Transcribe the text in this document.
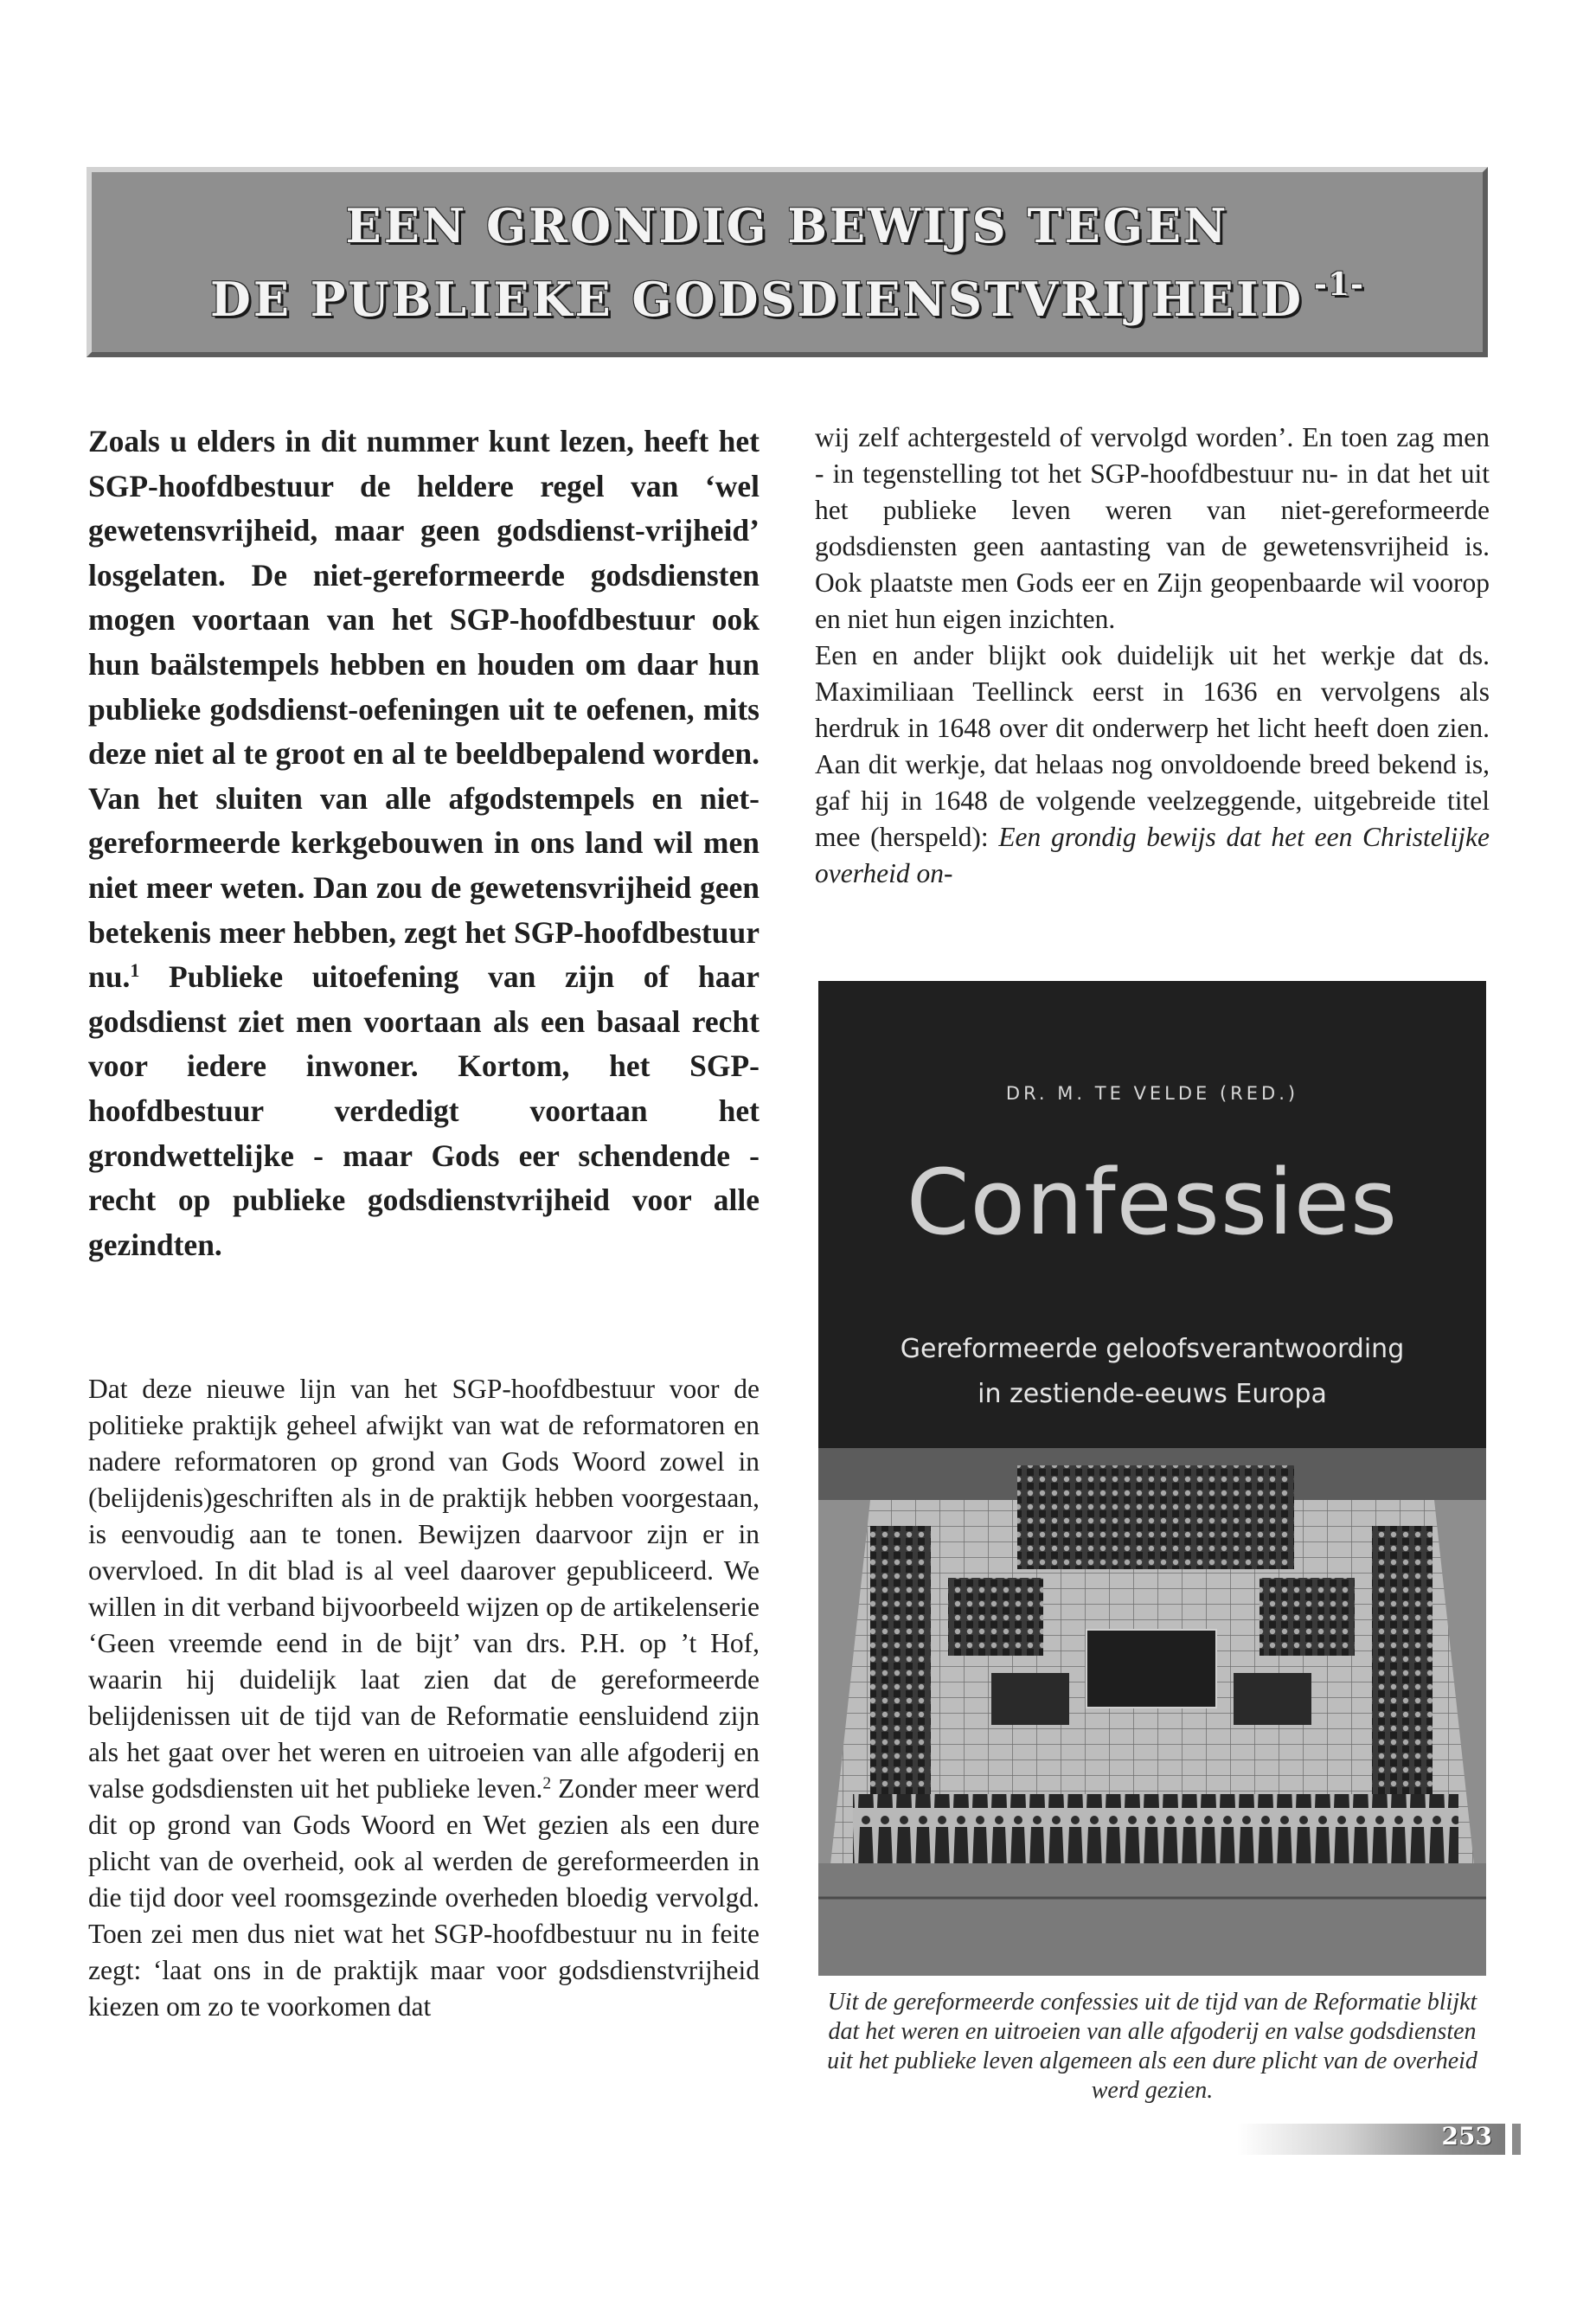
EEN GRONDIG BEWIJS TEGEN
DE PUBLIEKE GODSDIENSTVRIJHEID $^{-1-}$

Zoals u elders in dit nummer kunt lezen, heeft het SGP-hoofdbestuur de heldere regel van ‘wel gewetensvrijheid, maar geen godsdienst-vrijheid’ losgelaten. De niet-gereformeerde godsdiensten mogen voortaan van het SGP-hoofdbestuur ook hun baälstempels hebben en houden om daar hun publieke godsdienst-oefeningen uit te oefenen, mits deze niet al te groot en al te beeldbepalend worden. Van het sluiten van alle afgodstempels en niet-gereformeerde kerkgebouwen in ons land wil men niet meer weten. Dan zou de gewetensvrijheid geen betekenis meer hebben, zegt het SGP-hoofdbestuur nu.$^1$ Publieke uitoefening van zijn of haar godsdienst ziet men voortaan als een basaal recht voor iedere inwoner. Kortom, het SGP-hoofdbestuur verdedigt voortaan het grondwettelijke - maar Gods eer schendende - recht op publieke godsdienstvrijheid voor alle gezindten.

Dat deze nieuwe lijn van het SGP-hoofdbestuur voor de politieke praktijk geheel afwijkt van wat de reformatoren en nadere reformatoren op grond van Gods Woord zowel in (belijdenis)geschriften als in de praktijk hebben voorgestaan, is eenvoudig aan te tonen. Bewijzen daarvoor zijn er in overvloed. In dit blad is al veel daarover gepubliceerd. We willen in dit verband bijvoorbeeld wijzen op de artikelenserie ‘Geen vreemde eend in de bijt’ van drs. P.H. op ’t Hof, waarin hij duidelijk laat zien dat de gereformeerde belijdenissen uit de tijd van de Reformatie eensluidend zijn als het gaat over het weren en uitroeien van alle afgoderij en valse godsdiensten uit het publieke leven.$^2$ Zonder meer werd dit op grond van Gods Woord en Wet gezien als een dure plicht van de overheid, ook al werden de gereformeerden in die tijd door veel roomsgezinde overheden bloedig vervolgd. Toen zei men dus niet wat het SGP-hoofdbestuur nu in feite zegt: ‘laat ons in de praktijk maar voor godsdienstvrijheid kiezen om zo te voorkomen dat

wij zelf achtergesteld of vervolgd worden’. En toen zag men - in tegenstelling tot het SGP-hoofdbestuur nu- in dat het uit het publieke leven weren van niet-gereformeerde godsdiensten geen aantasting van de gewetensvrijheid is. Ook plaatste men Gods eer en Zijn geopenbaarde wil voorop en niet hun eigen inzichten.

Een en ander blijkt ook duidelijk uit het werkje dat ds. Maximiliaan Teellinck eerst in 1636 en vervolgens als herdruk in 1648 over dit onderwerp het licht heeft doen zien. Aan dit werkje, dat helaas nog onvoldoende breed bekend is, gaf hij in 1648 de volgende veelzeggende, uitgebreide titel mee (herspeld): Een grondig bewijs dat het een Christelijke overheid on-

DR. M. TE VELDE (RED.)
Confessies
Gereformeerde geloofsverantwoording
in zestiende-eeuws Europa
Uit de gereformeerde confessies uit de tijd van de Reformatie blijkt dat het weren en uitroeien van alle afgoderij en valse godsdiensten uit het publieke leven algemeen als een dure plicht van de overheid werd gezien.
253
